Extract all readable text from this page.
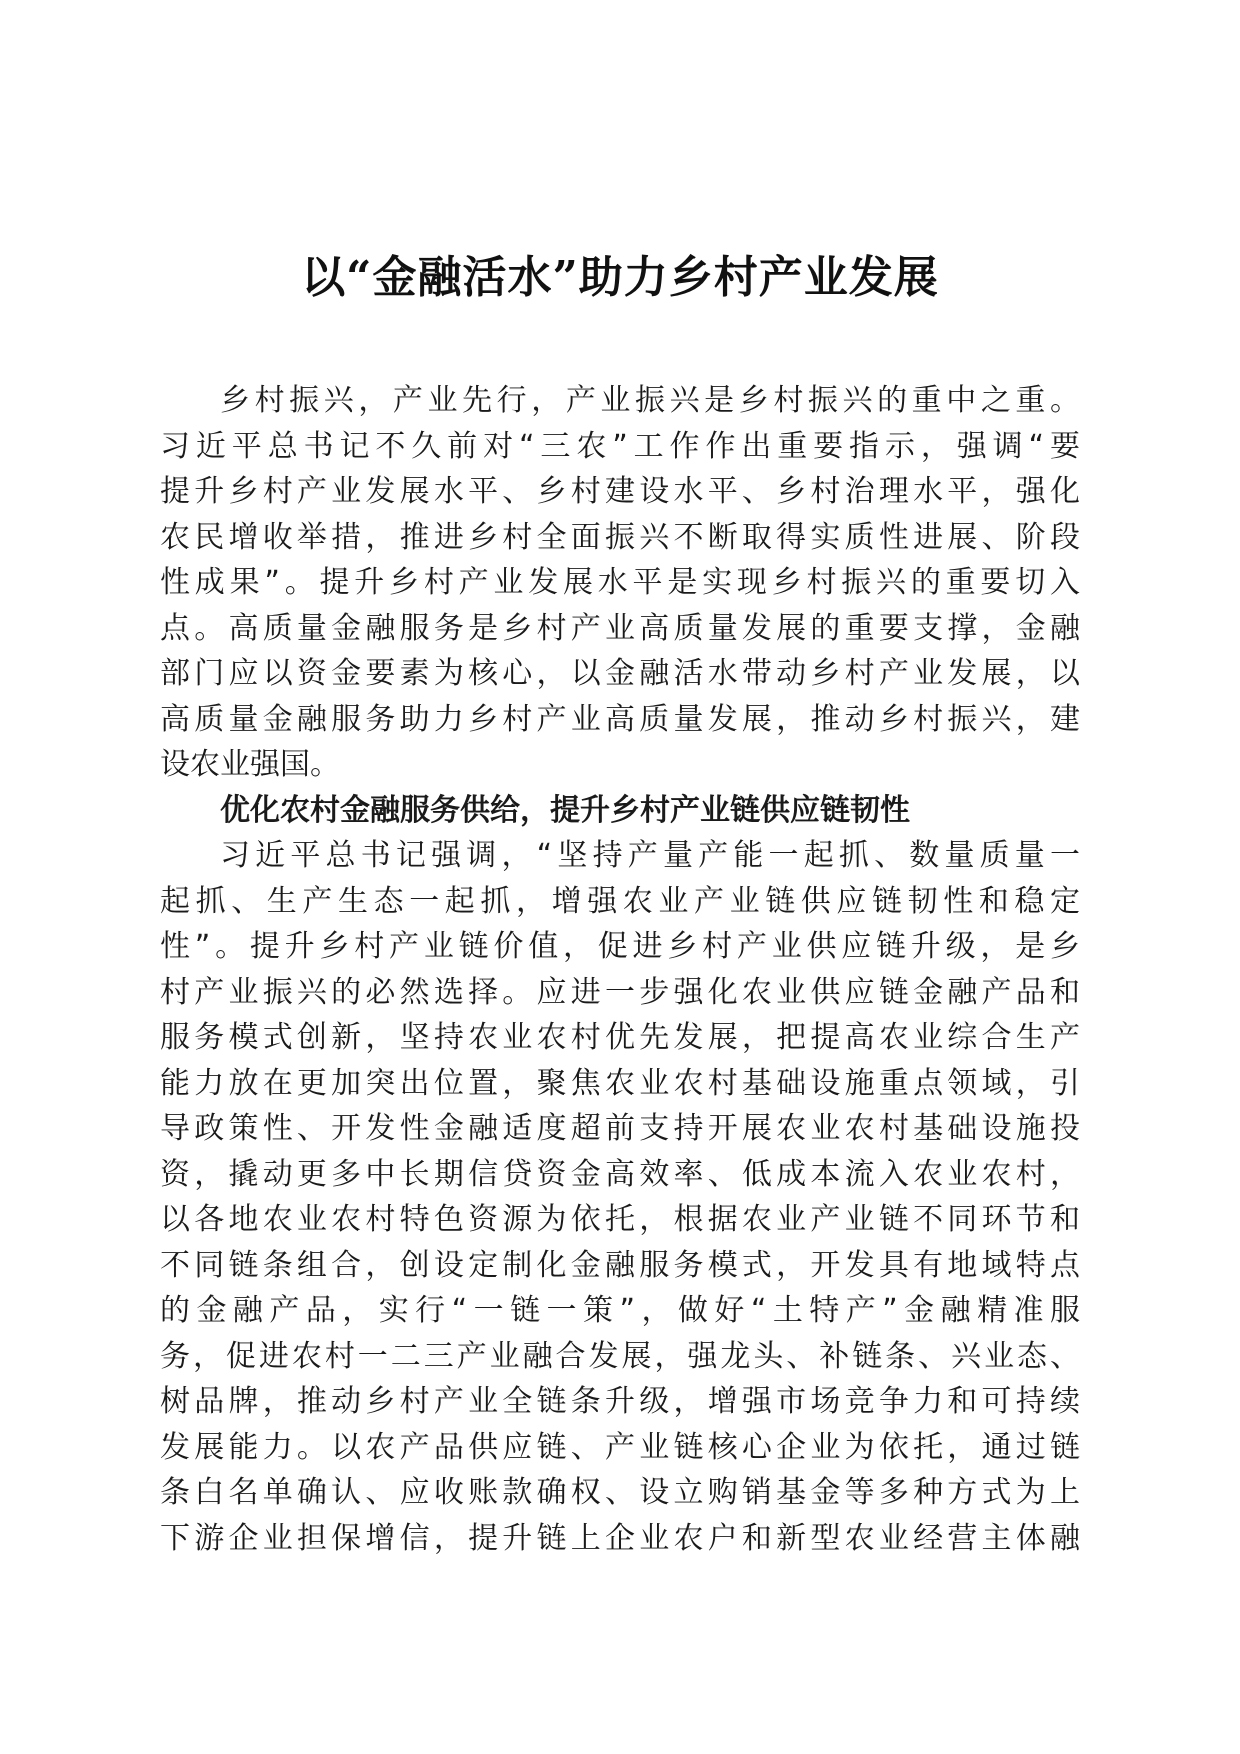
以“金融活水”助力乡村产业发展

乡村振兴，产业先行，产业振兴是乡村振兴的重中之重。

习近平总书记不久前对“三农”工作作出重要指示，强调“要

提升乡村产业发展水平、乡村建设水平、乡村治理水平，强化

农民增收举措，推进乡村全面振兴不断取得实质性进展、阶段

性成果”。提升乡村产业发展水平是实现乡村振兴的重要切入

点。高质量金融服务是乡村产业高质量发展的重要支撑，金融

部门应以资金要素为核心，以金融活水带动乡村产业发展，以

高质量金融服务助力乡村产业高质量发展，推动乡村振兴，建

设农业强国。

优化农村金融服务供给，提升乡村产业链供应链韧性

习近平总书记强调，“坚持产量产能一起抓、数量质量一

起抓、生产生态一起抓，增强农业产业链供应链韧性和稳定

性”。提升乡村产业链价值，促进乡村产业供应链升级，是乡

村产业振兴的必然选择。应进一步强化农业供应链金融产品和

服务模式创新，坚持农业农村优先发展，把提高农业综合生产

能力放在更加突出位置，聚焦农业农村基础设施重点领域，引

导政策性、开发性金融适度超前支持开展农业农村基础设施投

资，撬动更多中长期信贷资金高效率、低成本流入农业农村，

以各地农业农村特色资源为依托，根据农业产业链不同环节和

不同链条组合，创设定制化金融服务模式，开发具有地域特点

的金融产品，实行“一链一策”，做好“土特产”金融精准服

务，促进农村一二三产业融合发展，强龙头、补链条、兴业态、

树品牌，推动乡村产业全链条升级，增强市场竞争力和可持续

发展能力。以农产品供应链、产业链核心企业为依托，通过链

条白名单确认、应收账款确权、设立购销基金等多种方式为上

下游企业担保增信，提升链上企业农户和新型农业经营主体融
